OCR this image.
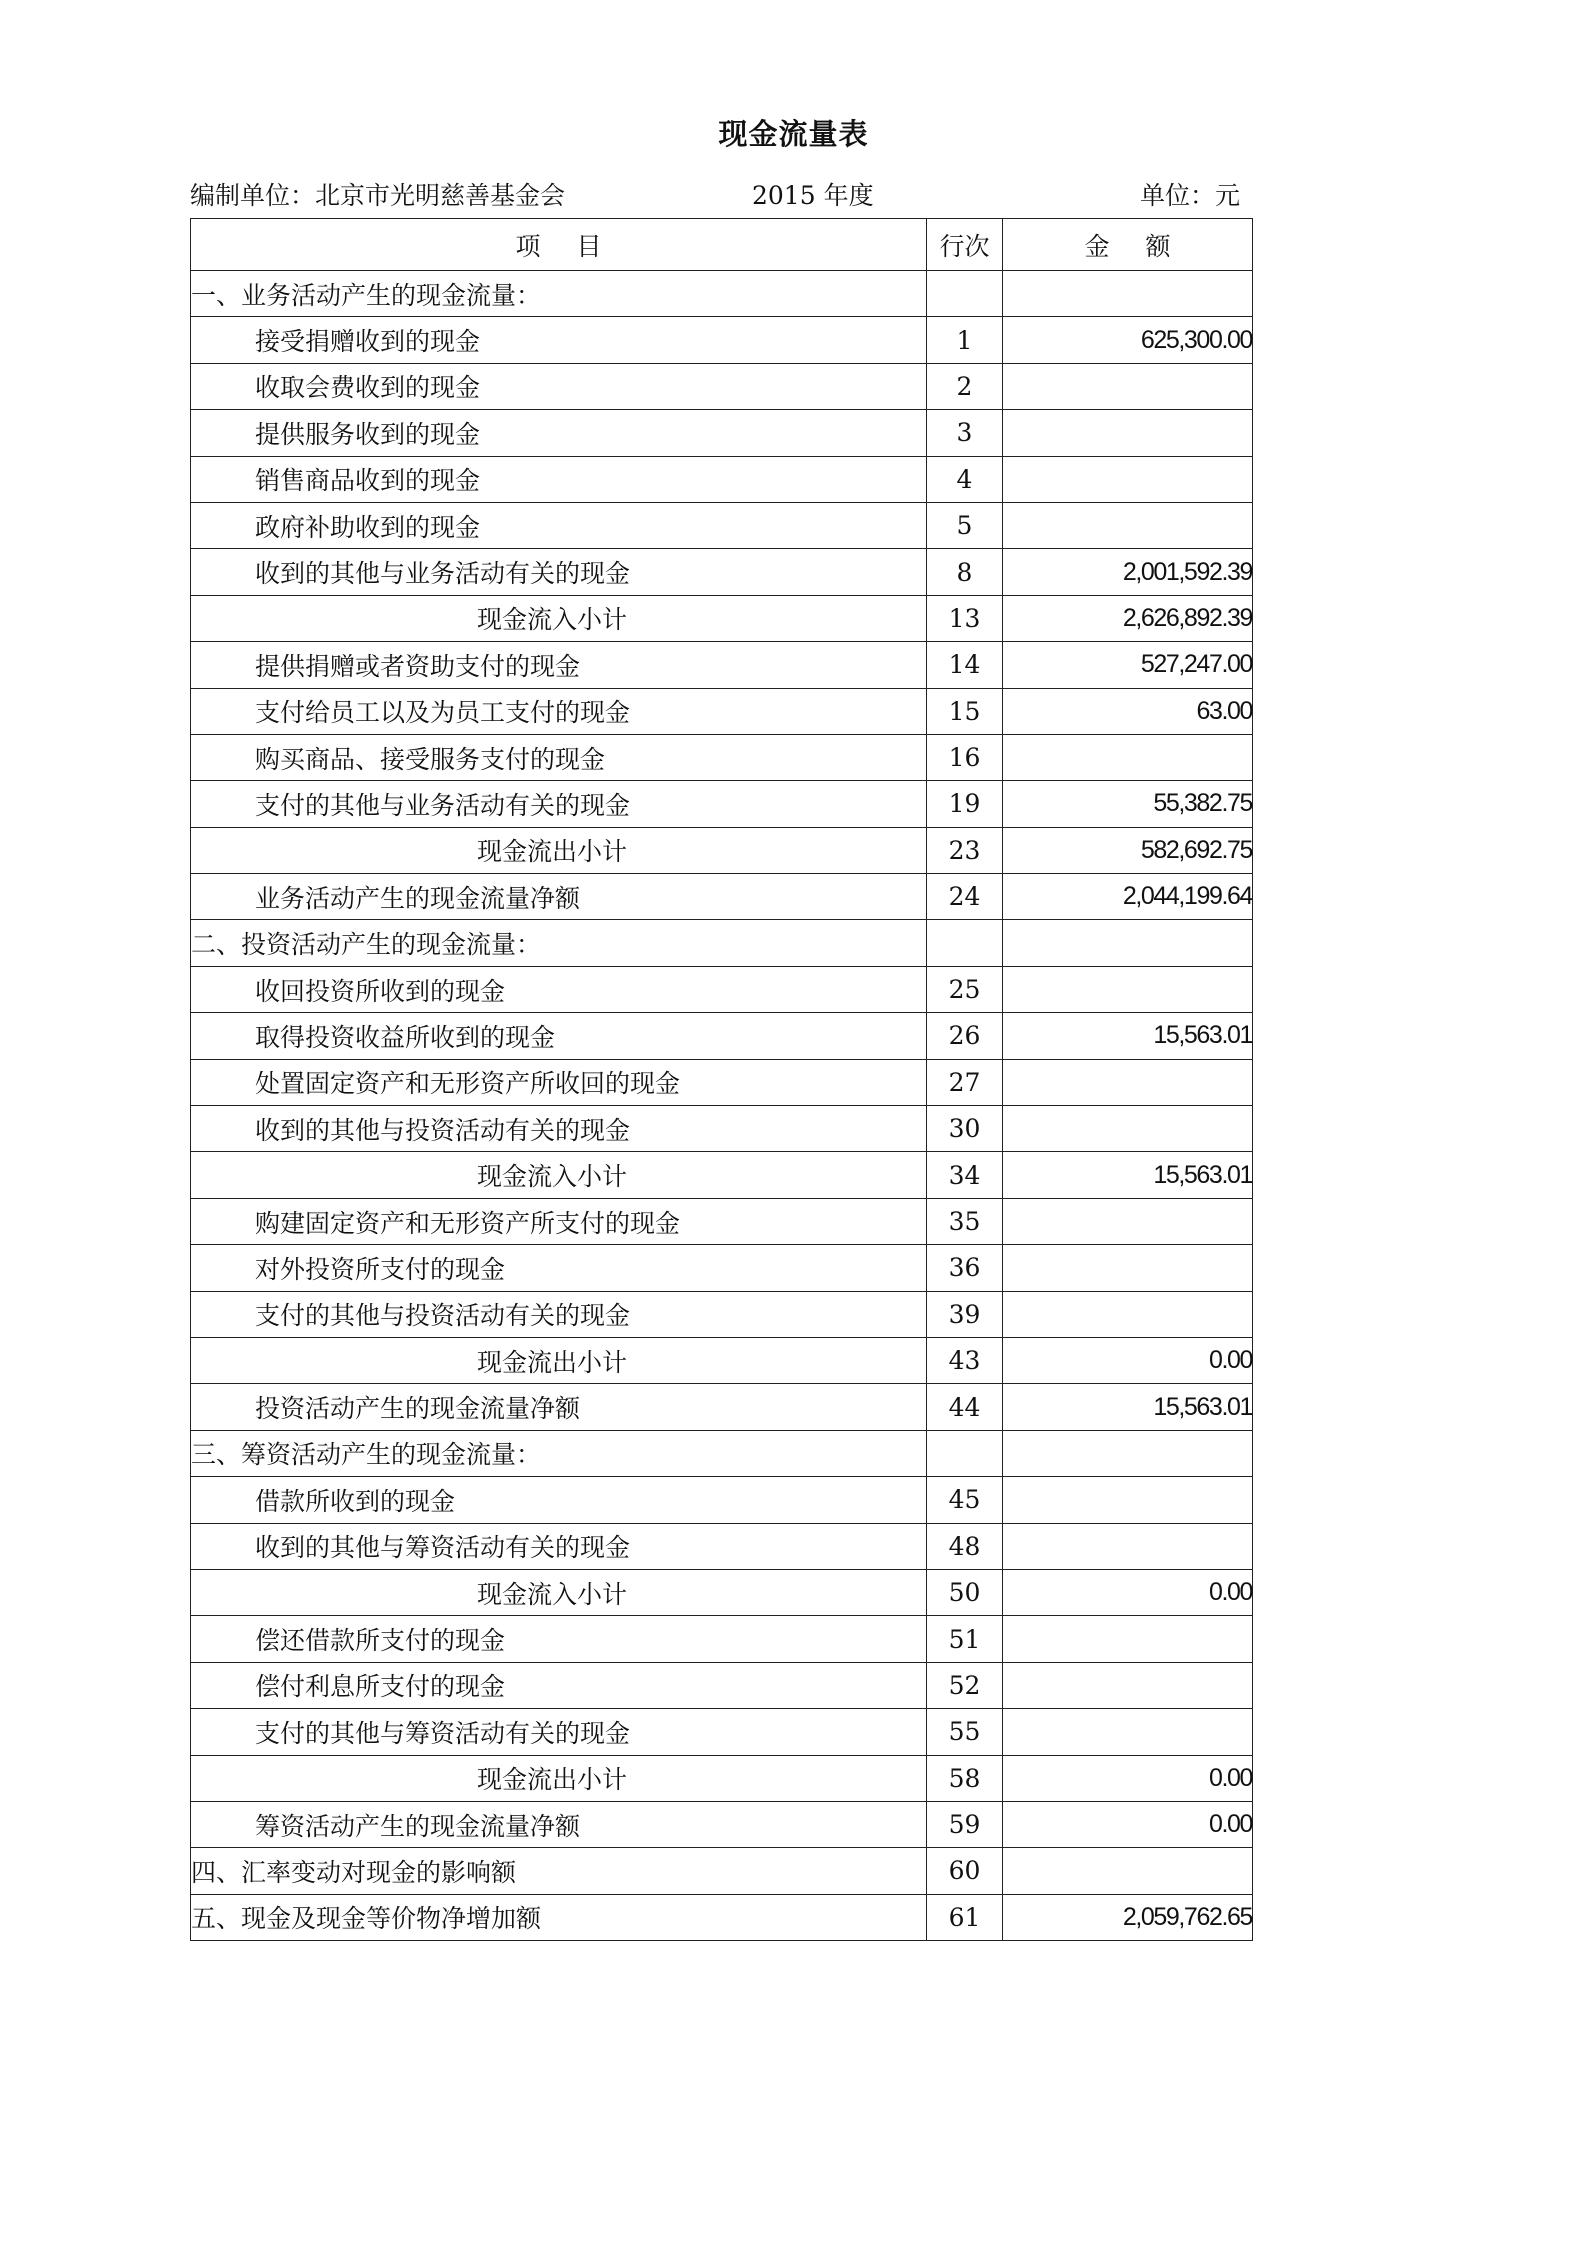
现金流量表
编制单位：北京市光明慈善基金会	2015 年度	单位：元
项目	行次	金额
一、业务活动产生的现金流量：		
接受捐赠收到的现金	1	625,300.00
收取会费收到的现金	2	
提供服务收到的现金	3	
销售商品收到的现金	4	
政府补助收到的现金	5	
收到的其他与业务活动有关的现金	8	2,001,592.39
现金流入小计	13	2,626,892.39
提供捐赠或者资助支付的现金	14	527,247.00
支付给员工以及为员工支付的现金	15	63.00
购买商品、接受服务支付的现金	16	
支付的其他与业务活动有关的现金	19	55,382.75
现金流出小计	23	582,692.75
业务活动产生的现金流量净额	24	2,044,199.64
二、投资活动产生的现金流量：		
收回投资所收到的现金	25	
取得投资收益所收到的现金	26	15,563.01
处置固定资产和无形资产所收回的现金	27	
收到的其他与投资活动有关的现金	30	
现金流入小计	34	15,563.01
购建固定资产和无形资产所支付的现金	35	
对外投资所支付的现金	36	
支付的其他与投资活动有关的现金	39	
现金流出小计	43	0.00
投资活动产生的现金流量净额	44	15,563.01
三、筹资活动产生的现金流量：		
借款所收到的现金	45	
收到的其他与筹资活动有关的现金	48	
现金流入小计	50	0.00
偿还借款所支付的现金	51	
偿付利息所支付的现金	52	
支付的其他与筹资活动有关的现金	55	
现金流出小计	58	0.00
筹资活动产生的现金流量净额	59	0.00
四、汇率变动对现金的影响额	60	
五、现金及现金等价物净增加额	61	2,059,762.65
